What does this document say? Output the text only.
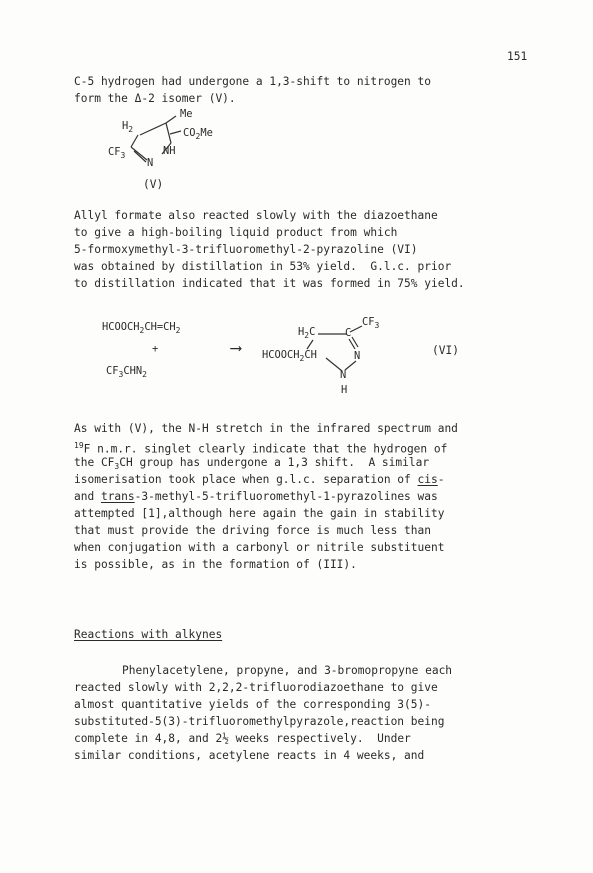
151
C-5 hydrogen had undergone a 1,3-shift to nitrogen to
form the Δ-2 isomer (V).
Me
$H_2$	$CO_2Me$
$CF_3$
N
NH
(V)
Allyl formate also reacted slowly with the diazoethane
to give a high-boiling liquid product from which
5-formoxymethyl-3-trifluoromethyl-2-pyrazoline (VI)
was obtained by distillation in 53% yield.  G.l.c. prior
to distillation indicated that it was formed in 75% yield.
$HCOOCH_2CH=CH_2$
+
$CF_3CHN_2$
⟶
$H_2C$	C
$CF_3$
$HCOOCH_2CH$	N
N
H
(VI)
As with (V), the N-H stretch in the infrared spectrum and
$^{19}$F n.m.r. singlet clearly indicate that the hydrogen of
the $CF_3CH$ group has undergone a 1,3 shift.  A similar
isomerisation took place when g.l.c. separation of cis-
and trans-3-methyl-5-trifluoromethyl-1-pyrazolines was
attempted [1],although here again the gain in stability
that must provide the driving force is much less than
when conjugation with a carbonyl or nitrile substituent
is possible, as in the formation of (III).
Reactions with alkynes
Phenylacetylene, propyne, and 3-bromopropyne each
reacted slowly with 2,2,2-trifluorodiazoethane to give
almost quantitative yields of the corresponding 3(5)-
substituted-5(3)-trifluoromethylpyrazole,reaction being
complete in 4,8, and 2½ weeks respectively.  Under
similar conditions, acetylene reacts in 4 weeks, and
